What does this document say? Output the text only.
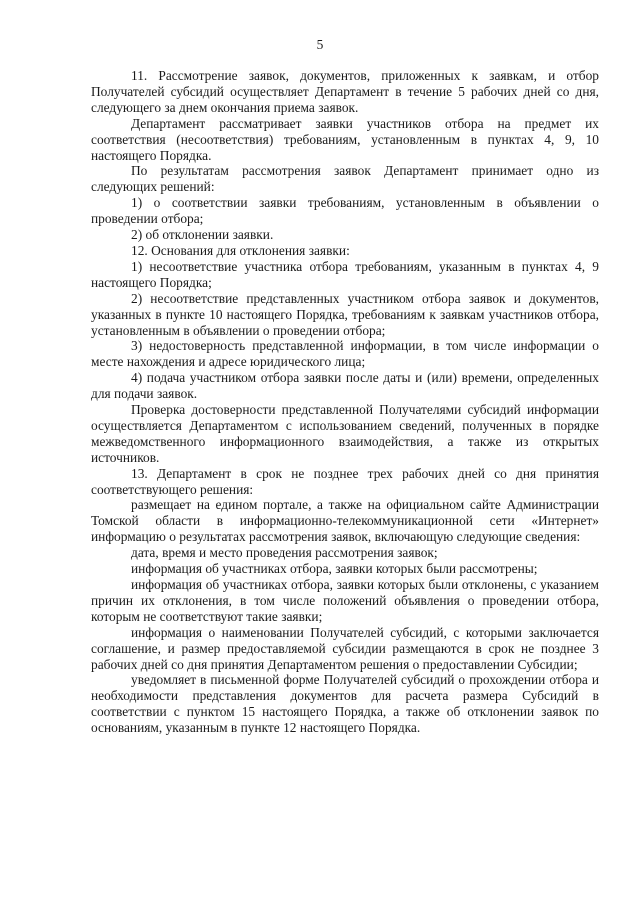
5

11. Рассмотрение заявок, документов, приложенных к заявкам, и отбор Получателей субсидий осуществляет Департамент в течение 5 рабочих дней со дня, следующего за днем окончания приема заявок.

Департамент рассматривает заявки участников отбора на предмет их соответствия (несоответствия) требованиям, установленным в пунктах 4, 9, 10 настоящего Порядка.

По результатам рассмотрения заявок Департамент принимает одно из следующих решений:

1) о соответствии заявки требованиям, установленным в объявлении о проведении отбора;

2) об отклонении заявки.

12. Основания для отклонения заявки:

1) несоответствие участника отбора требованиям, указанным в пунктах 4, 9 настоящего Порядка;

2) несоответствие представленных участником отбора заявок и документов, указанных в пункте 10 настоящего Порядка, требованиям к заявкам участников отбора, установленным в объявлении о проведении отбора;

3) недостоверность представленной информации, в том числе информации о месте нахождения и адресе юридического лица;

4) подача участником отбора заявки после даты и (или) времени, определенных для подачи заявок.

Проверка достоверности представленной Получателями субсидий информации осуществляется Департаментом с использованием сведений, полученных в порядке межведомственного информационного взаимодействия, а также из открытых источников.

13. Департамент в срок не позднее трех рабочих дней со дня принятия соответствующего решения:

размещает на едином портале, а также на официальном сайте Администрации Томской области в информационно-телекоммуникационной сети «Интернет» информацию о результатах рассмотрения заявок, включающую следующие сведения:

дата, время и место проведения рассмотрения заявок;

информация об участниках отбора, заявки которых были рассмотрены;

информация об участниках отбора, заявки которых были отклонены, с указанием причин их отклонения, в том числе положений объявления о проведении отбора, которым не соответствуют такие заявки;

информация о наименовании Получателей субсидий, с которыми заключается соглашение, и размер предоставляемой субсидии размещаются в срок не позднее 3 рабочих дней со дня принятия Департаментом решения о предоставлении Субсидии;

уведомляет в письменной форме Получателей субсидий о прохождении отбора и необходимости представления документов для расчета размера Субсидий в соответствии с пунктом 15 настоящего Порядка, а также об отклонении заявок по основаниям, указанным в пункте 12 настоящего Порядка.
